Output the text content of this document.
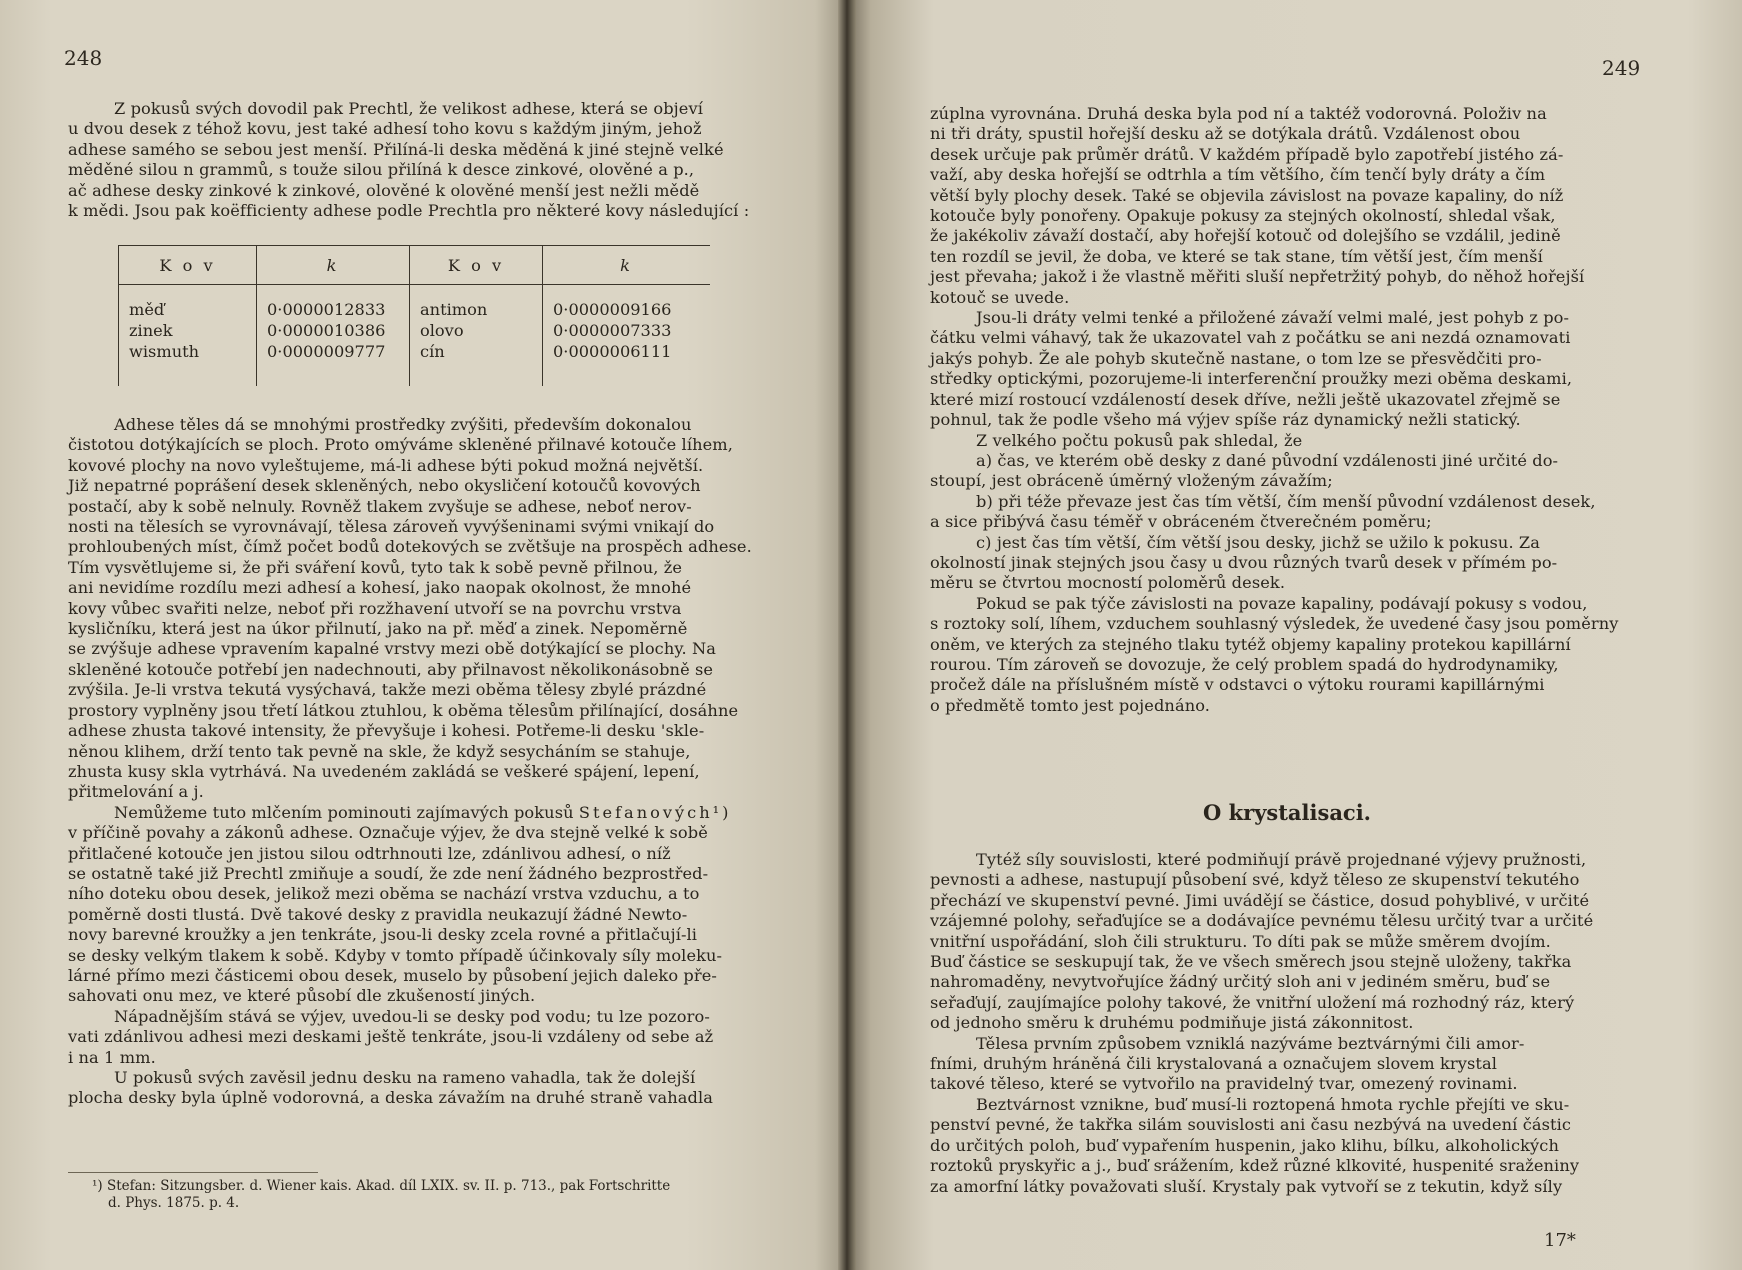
248

Z pokusů svých dovodil pak Prechtl, že velikost adhese, která se objeví

u dvou desek z téhož kovu, jest také adhesí toho kovu s každým jiným, jehož

adhese samého se sebou jest menší. Přilíná-li deska měděná k jiné stejně velké

měděné silou n grammů, s touže silou přilíná k desce zinkové, olověné a p.,

ač adhese desky zinkové k zinkové, olověné k olověné menší jest nežli mědě

k mědi. Jsou pak koëfficienty adhese podle Prechtla pro některé kovy následující :

K o v	k	K o v	k
měď	0·0000012833	antimon	0·0000009166
zinek	0·0000010386	olovo	0·0000007333
wismuth	0·0000009777	cín	0·0000006111

Adhese těles dá se mnohými prostředky zvýšiti, především dokonalou

čistotou dotýkajících se ploch. Proto omýváme skleněné přilnavé kotouče líhem,

kovové plochy na novo vyleštujeme, má-li adhese býti pokud možná největší.

Již nepatrné poprášení desek skleněných, nebo okysličení kotoučů kovových

postačí, aby k sobě nelnuly. Rovněž tlakem zvyšuje se adhese, neboť nerov-

nosti na tělesích se vyrovnávají, tělesa zároveň vyvýšeninami svými vnikají do

prohloubených míst, čímž počet bodů dotekových se zvětšuje na prospěch adhese.

Tím vysvětlujeme si, že při sváření kovů, tyto tak k sobě pevně přilnou, že

ani nevidíme rozdílu mezi adhesí a kohesí, jako naopak okolnost, že mnohé

kovy vůbec svařiti nelze, neboť při rozžhavení utvoří se na povrchu vrstva

kysličníku, která jest na úkor přilnutí, jako na př. měď a zinek. Nepoměrně

se zvýšuje adhese vpravením kapalné vrstvy mezi obě dotýkající se plochy. Na

skleněné kotouče potřebí jen nadechnouti, aby přilnavost několikonásobně se

zvýšila. Je-li vrstva tekutá vysýchavá, takže mezi oběma tělesy zbylé prázdné

prostory vyplněny jsou třetí látkou ztuhlou, k oběma tělesům přilínající, dosáhne

adhese zhusta takové intensity, že převyšuje i kohesi. Potřeme-li desku 'skle-

něnou klihem, drží tento tak pevně na skle, že když sesycháním se stahuje,

zhusta kusy skla vytrhává. Na uvedeném zakládá se veškeré spájení, lepení,

přitmelování a j.

Nemůžeme tuto mlčením pominouti zajímavých pokusů Stefanových¹)

v příčině povahy a zákonů adhese. Označuje výjev, že dva stejně velké k sobě

přitlačené kotouče jen jistou silou odtrhnouti lze, zdánlivou adhesí, o níž

se ostatně také již Prechtl zmiňuje a soudí, že zde není žádného bezprostřed-

ního doteku obou desek, jelikož mezi oběma se nachází vrstva vzduchu, a to

poměrně dosti tlustá. Dvě takové desky z pravidla neukazují žádné Newto-

novy barevné kroužky a jen tenkráte, jsou-li desky zcela rovné a přitlačují-li

se desky velkým tlakem k sobě. Kdyby v tomto případě účinkovaly síly moleku-

lárné přímo mezi částicemi obou desek, muselo by působení jejich daleko pře-

sahovati onu mez, ve které působí dle zkušeností jiných.

Nápadnějším stává se výjev, uvedou-li se desky pod vodu; tu lze pozoro-

vati zdánlivou adhesi mezi deskami ještě tenkráte, jsou-li vzdáleny od sebe až

i na 1 mm.

U pokusů svých zavěsil jednu desku na rameno vahadla, tak že dolejší

plocha desky byla úplně vodorovná, a deska závažím na druhé straně vahadla

¹) Stefan: Sitzungsber. d. Wiener kais. Akad. díl LXIX. sv. II. p. 713., pak Fortschritte

d. Phys. 1875. p. 4.

249

zúplna vyrovnána. Druhá deska byla pod ní a taktéž vodorovná. Položiv na

ni tři dráty, spustil hořejší desku až se dotýkala drátů. Vzdálenost obou

desek určuje pak průměr drátů. V každém případě bylo zapotřebí jistého zá-

važí, aby deska hořejší se odtrhla a tím většího, čím tenčí byly dráty a čím

větší byly plochy desek. Také se objevila závislost na povaze kapaliny, do níž

kotouče byly ponořeny. Opakuje pokusy za stejných okolností, shledal však,

že jakékoliv závaží dostačí, aby hořejší kotouč od dolejšího se vzdálil, jedině

ten rozdíl se jevil, že doba, ve které se tak stane, tím větší jest, čím menší

jest převaha; jakož i že vlastně měřiti sluší nepřetržitý pohyb, do něhož hořejší

kotouč se uvede.

Jsou-li dráty velmi tenké a přiložené závaží velmi malé, jest pohyb z po-

čátku velmi váhavý, tak že ukazovatel vah z počátku se ani nezdá oznamovati

jakýs pohyb. Že ale pohyb skutečně nastane, o tom lze se přesvědčiti pro-

středky optickými, pozorujeme-li interferenční proužky mezi oběma deskami,

které mizí rostoucí vzdáleností desek dříve, nežli ještě ukazovatel zřejmě se

pohnul, tak že podle všeho má výjev spíše ráz dynamický nežli statický.

Z velkého počtu pokusů pak shledal, že

a) čas, ve kterém obě desky z dané původní vzdálenosti jiné určité do-

stoupí, jest obráceně úměrný vloženým závažím;

b) při téže převaze jest čas tím větší, čím menší původní vzdálenost desek,

a sice přibývá času téměř v obráceném čtverečném poměru;

c) jest čas tím větší, čím větší jsou desky, jichž se užilo k pokusu. Za

okolností jinak stejných jsou časy u dvou různých tvarů desek v přímém po-

měru se čtvrtou mocností poloměrů desek.

Pokud se pak týče závislosti na povaze kapaliny, podávají pokusy s vodou,

s roztoky solí, líhem, vzduchem souhlasný výsledek, že uvedené časy jsou poměrny

oněm, ve kterých za stejného tlaku tytéž objemy kapaliny protekou kapillární

rourou. Tím zároveň se dovozuje, že celý problem spadá do hydrodynamiky,

pročež dále na příslušném místě v odstavci o výtoku rourami kapillárnými

o předmětě tomto jest pojednáno.

O krystalisaci.

Tytéž síly souvislosti, které podmiňují právě projednané výjevy pružnosti,

pevnosti a adhese, nastupují působení své, když těleso ze skupenství tekutého

přechází ve skupenství pevné. Jimi uvádějí se částice, dosud pohyblivé, v určité

vzájemné polohy, seřaďujíce se a dodávajíce pevnému tělesu určitý tvar a určité

vnitřní uspořádání, sloh čili strukturu. To díti pak se může směrem dvojím.

Buď částice se seskupují tak, že ve všech směrech jsou stejně uloženy, takřka

nahromaděny, nevytvořujíce žádný určitý sloh ani v jediném směru, buď se

seřaďují, zaujímajíce polohy takové, že vnitřní uložení má rozhodný ráz, který

od jednoho směru k druhému podmiňuje jistá zákonnitost.

Tělesa prvním způsobem vzniklá nazýváme beztvárnými čili amor-

fními, druhým hráněná čili krystalovaná a označujem slovem krystal

takové těleso, které se vytvořilo na pravidelný tvar, omezený rovinami.

Beztvárnost vznikne, buď musí-li roztopená hmota rychle přejíti ve sku-

penství pevné, že takřka silám souvislosti ani času nezbývá na uvedení částic

do určitých poloh, buď vypařením huspenin, jako klihu, bílku, alkoholických

roztoků pryskyřic a j., buď srážením, kdež různé klkovité, huspenité sraženiny

za amorfní látky považovati sluší. Krystaly pak vytvoří se z tekutin, když síly

17*
